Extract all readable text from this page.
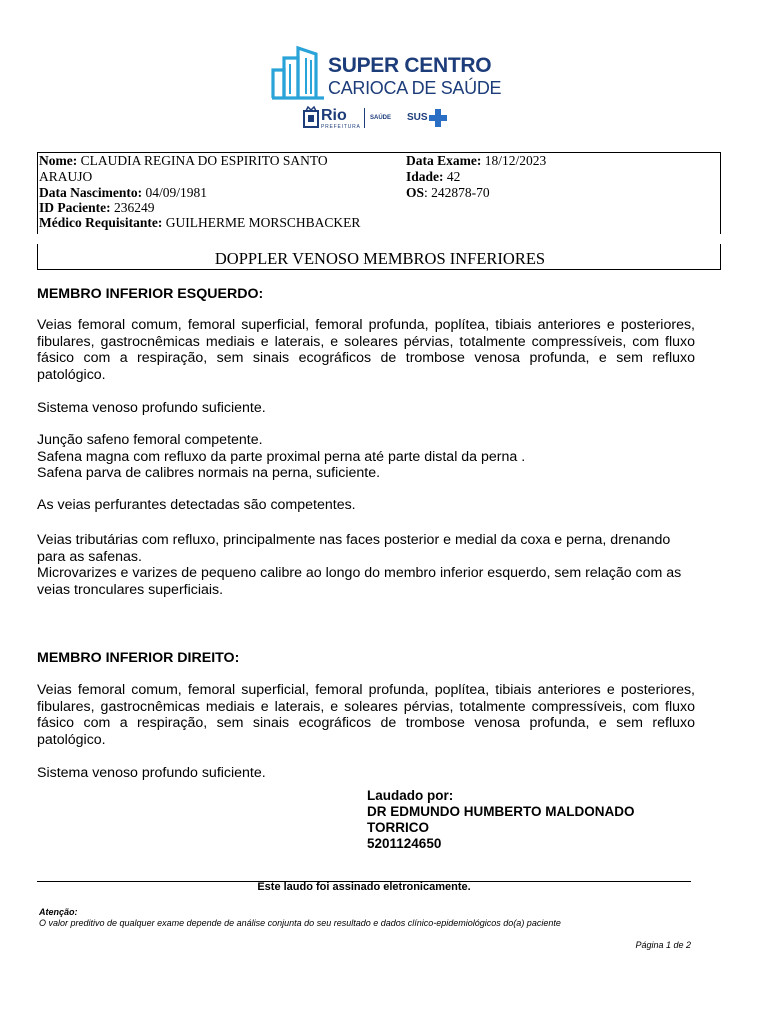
SUPER CENTRO
CARIOCA DE SAÚDE
Rio
PREFEITURA
SAÚDE SUS
Nome: CLAUDIA REGINA DO ESPIRITO SANTO
ARAUJO
Data Nascimento: 04/09/1981
ID Paciente: 236249
Médico Requisitante: GUILHERME MORSCHBACKER
Data Exame: 18/12/2023
Idade: 42
OS: 242878-70
DOPPLER VENOSO MEMBROS INFERIORES
MEMBRO INFERIOR ESQUERDO:
Veias femoral comum, femoral superficial, femoral profunda, poplítea, tibiais anteriores e posteriores, fibulares, gastrocnêmicas mediais e laterais, e soleares pérvias, totalmente compressíveis, com fluxo fásico com a respiração, sem sinais ecográficos de trombose venosa profunda, e sem refluxo patológico.
Sistema venoso profundo suficiente.
Junção safeno femoral competente.
Safena magna com refluxo da parte proximal perna até parte distal da perna .
Safena parva de calibres normais na perna, suficiente.
As veias perfurantes detectadas são competentes.
Veias tributárias com refluxo, principalmente nas faces posterior e medial da coxa e perna, drenando para as safenas.
Microvarizes e varizes de pequeno calibre ao longo do membro inferior esquerdo, sem relação com as veias tronculares superficiais.
MEMBRO INFERIOR DIREITO:
Veias femoral comum, femoral superficial, femoral profunda, poplítea, tibiais anteriores e posteriores, fibulares, gastrocnêmicas mediais e laterais, e soleares pérvias, totalmente compressíveis, com fluxo fásico com a respiração, sem sinais ecográficos de trombose venosa profunda, e sem refluxo patológico.
Sistema venoso profundo suficiente.
Laudado por:
DR EDMUNDO HUMBERTO MALDONADO
TORRICO
5201124650
Este laudo foi assinado eletronicamente.
Atenção:
O valor preditivo de qualquer exame depende de análise conjunta do seu resultado e dados clínico-epidemiológicos do(a) paciente
Página 1 de 2
